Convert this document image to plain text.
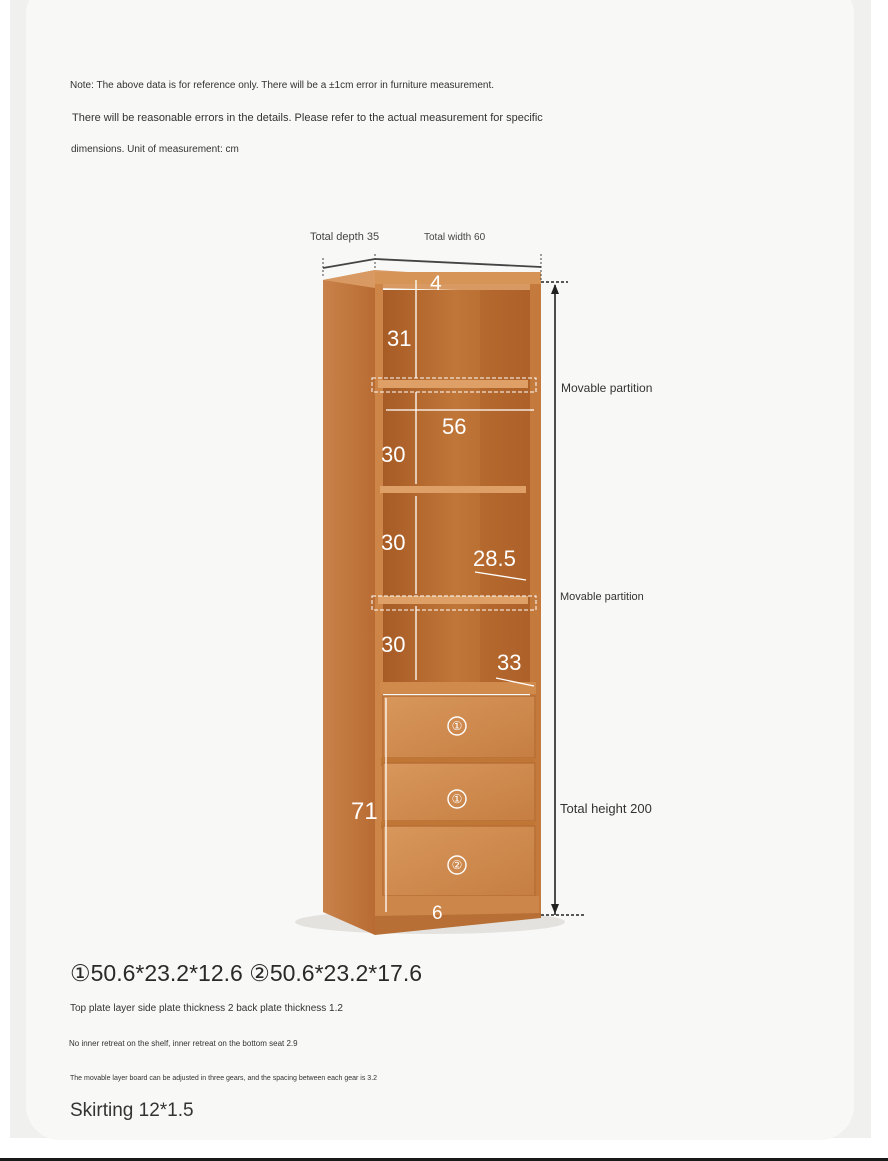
Note: The above data is for reference only. There will be a ±1cm error in furniture measurement.
There will be reasonable errors in the details. Please refer to the actual measurement for specific
dimensions. Unit of measurement: cm
Total depth 35	Total width 60
4
31
56
30
30
28.5
30
33
71
6
①
①
②
Movable partition
Movable partition
Total height 200
①50.6*23.2*12.6 ②50.6*23.2*17.6
Top plate layer side plate thickness 2 back plate thickness 1.2
No inner retreat on the shelf, inner retreat on the bottom seat 2.9
The movable layer board can be adjusted in three gears, and the spacing between each gear is 3.2
Skirting 12*1.5
